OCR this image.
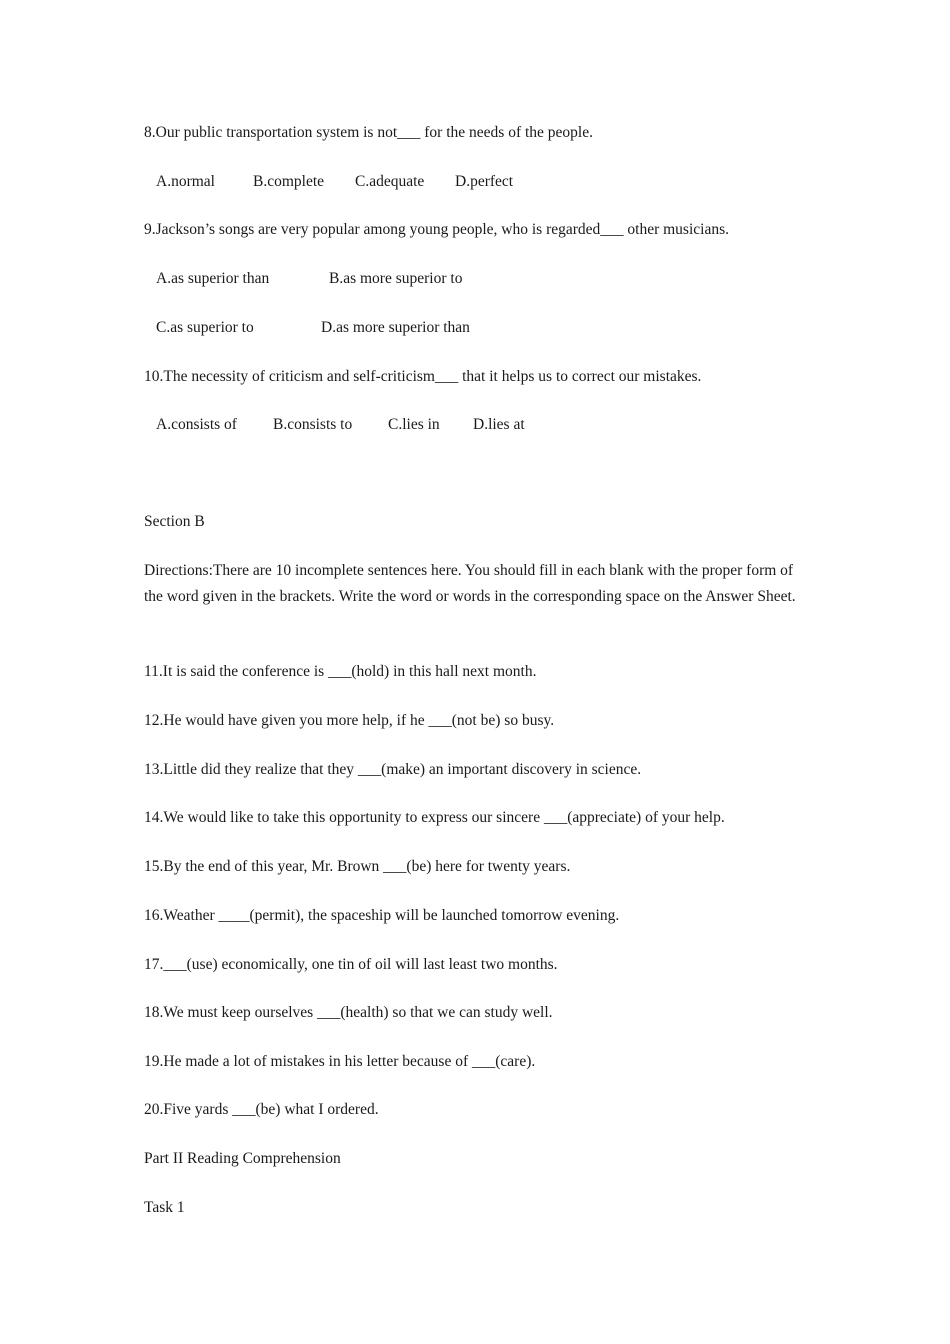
8.Our public transportation system is not___ for the needs of the people.
A.normal B.complete C.adequate D.perfect
9.Jackson’s songs are very popular among young people, who is regarded___ other musicians.
A.as superior than	B.as more superior to
C.as superior to	D.as more superior than
10.The necessity of criticism and self-criticism___ that it helps us to correct our mistakes.
A.consists of B.consists to C.lies in D.lies at
Section B
Directions:There are 10 incomplete sentences here. You should fill in each blank with the proper form of the word given in the brackets. Write the word or words in the corresponding space on the Answer Sheet.
11.It is said the conference is ___(hold) in this hall next month.
12.He would have given you more help, if he ___(not be) so busy.
13.Little did they realize that they ___(make) an important discovery in science.
14.We would like to take this opportunity to express our sincere ___(appreciate) of your help.
15.By the end of this year, Mr. Brown ___(be) here for twenty years.
16.Weather ____(permit), the spaceship will be launched tomorrow evening.
17.___(use) economically, one tin of oil will last least two months.
18.We must keep ourselves ___(health) so that we can study well.
19.He made a lot of mistakes in his letter because of ___(care).
20.Five yards ___(be) what I ordered.
Part II Reading Comprehension
Task 1
